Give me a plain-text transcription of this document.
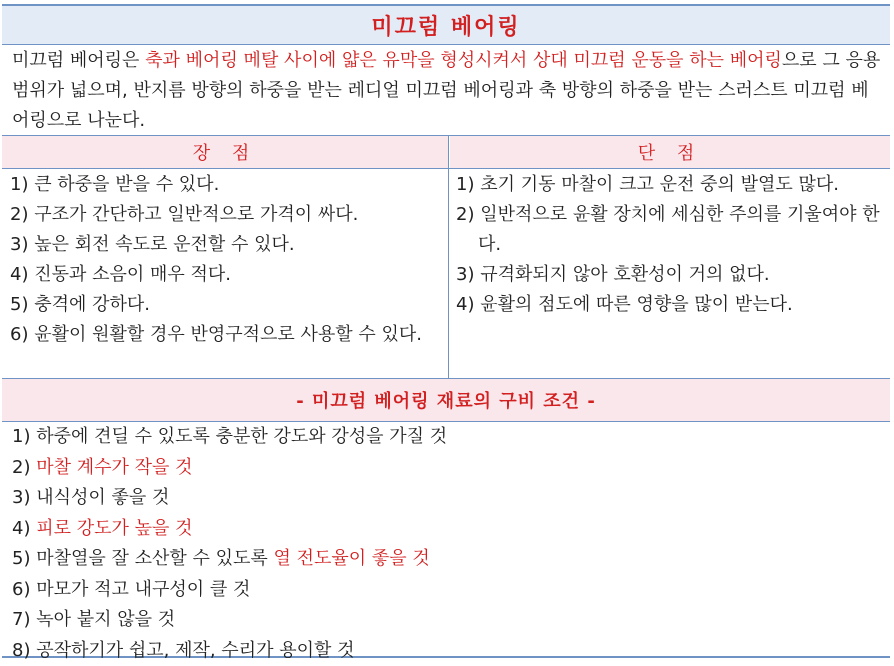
미끄럼 베어링
미끄럼 베어링은 축과 베어링 메탈 사이에 얇은 유막을 형성시켜서 상대 미끄럼 운동을 하는 베어링으로 그 응용 범위가 넓으며, 반지름 방향의 하중을 받는 레디얼 미끄럼 베어링과 축 방향의 하중을 받는 스러스트 미끄럼 베어링으로 나눈다.
장 점	단 점
1) 큰 하중을 받을 수 있다.
2) 구조가 간단하고 일반적으로 가격이 싸다.
3) 높은 회전 속도로 운전할 수 있다.
4) 진동과 소음이 매우 적다.
5) 충격에 강하다.
6) 윤활이 원활할 경우 반영구적으로 사용할 수 있다.
1) 초기 기동 마찰이 크고 운전 중의 발열도 많다.
2) 일반적으로 윤활 장치에 세심한 주의를 기울여야 한다.
3) 규격화되지 않아 호환성이 거의 없다.
4) 윤활의 점도에 따른 영향을 많이 받는다.
- 미끄럼 베어링 재료의 구비 조건 -
1) 하중에 견딜 수 있도록 충분한 강도와 강성을 가질 것
2) 마찰 계수가 작을 것
3) 내식성이 좋을 것
4) 피로 강도가 높을 것
5) 마찰열을 잘 소산할 수 있도록 열 전도율이 좋을 것
6) 마모가 적고 내구성이 클 것
7) 녹아 붙지 않을 것
8) 공작하기가 쉽고, 제작, 수리가 용이할 것
